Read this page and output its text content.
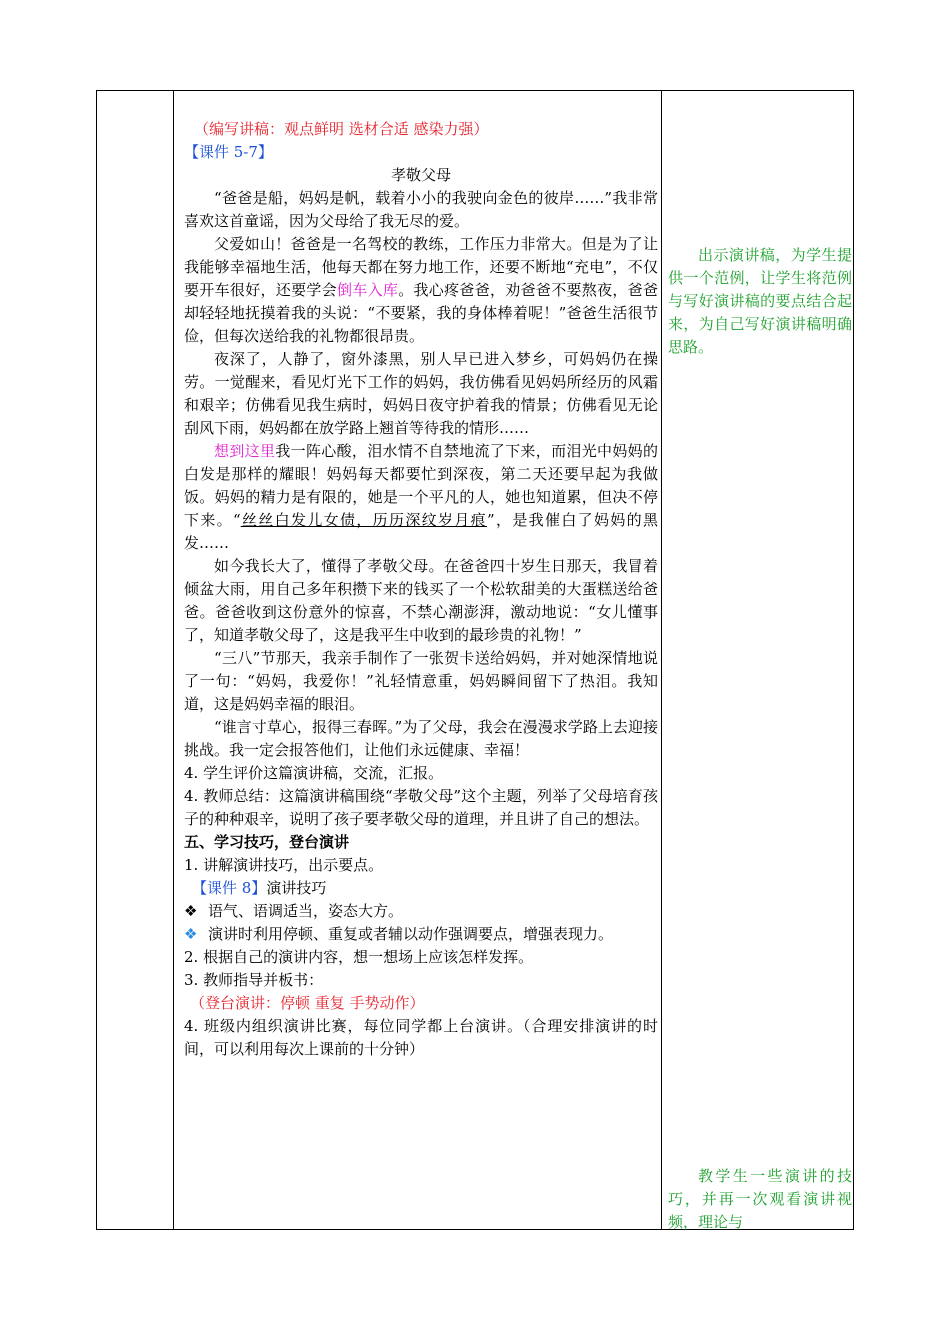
（编写讲稿：观点鲜明 选材合适 感染力强）

【课件 5-7】

孝敬父母

“爸爸是船，妈妈是帆，载着小小的我驶向金色的彼岸……”我非常喜欢这首童谣，因为父母给了我无尽的爱。

父爱如山！爸爸是一名驾校的教练，工作压力非常大。但是为了让我能够幸福地生活，他每天都在努力地工作，还要不断地“充电”，不仅要开车很好，还要学会倒车入库。我心疼爸爸，劝爸爸不要熬夜，爸爸却轻轻地抚摸着我的头说：“不要紧，我的身体棒着呢！”爸爸生活很节俭，但每次送给我的礼物都很昂贵。

夜深了，人静了，窗外漆黑，别人早已进入梦乡，可妈妈仍在操劳。一觉醒来，看见灯光下工作的妈妈，我仿佛看见妈妈所经历的风霜和艰辛；仿佛看见我生病时，妈妈日夜守护着我的情景；仿佛看见无论刮风下雨，妈妈都在放学路上翘首等待我的情形……

想到这里我一阵心酸，泪水情不自禁地流了下来，而泪光中妈妈的白发是那样的耀眼！妈妈每天都要忙到深夜，第二天还要早起为我做饭。妈妈的精力是有限的，她是一个平凡的人，她也知道累，但决不停下来。“丝丝白发儿女债，历历深纹岁月痕”，是我催白了妈妈的黑发……

如今我长大了，懂得了孝敬父母。在爸爸四十岁生日那天，我冒着倾盆大雨，用自己多年积攒下来的钱买了一个松软甜美的大蛋糕送给爸爸。爸爸收到这份意外的惊喜，不禁心潮澎湃，激动地说：“女儿懂事了，知道孝敬父母了，这是我平生中收到的最珍贵的礼物！”

“三八”节那天，我亲手制作了一张贺卡送给妈妈，并对她深情地说了一句：“妈妈，我爱你！”礼轻情意重，妈妈瞬间留下了热泪。我知道，这是妈妈幸福的眼泪。

“谁言寸草心，报得三春晖。”为了父母，我会在漫漫求学路上去迎接挑战。我一定会报答他们，让他们永远健康、幸福！

4. 学生评价这篇演讲稿，交流，汇报。

4. 教师总结：这篇演讲稿围绕“孝敬父母”这个主题，列举了父母培育孩子的种种艰辛，说明了孩子要孝敬父母的道理，并且讲了自己的想法。

五、学习技巧，登台演讲

1. 讲解演讲技巧，出示要点。

【课件 8】演讲技巧

❖ 语气、语调适当，姿态大方。
❖ 演讲时利用停顿、重复或者辅以动作强调要点，增强表现力。

2. 根据自己的演讲内容，想一想场上应该怎样发挥。

3. 教师指导并板书：

（登台演讲：停顿 重复 手势动作）

4. 班级内组织演讲比赛，每位同学都上台演讲。（合理安排演讲的时间，可以利用每次上课前的十分钟）

出示演讲稿，为学生提供一个范例，让学生将范例与写好演讲稿的要点结合起来，为自己写好演讲稿明确思路。

教学生一些演讲的技巧，并再一次观看演讲视频，理论与
